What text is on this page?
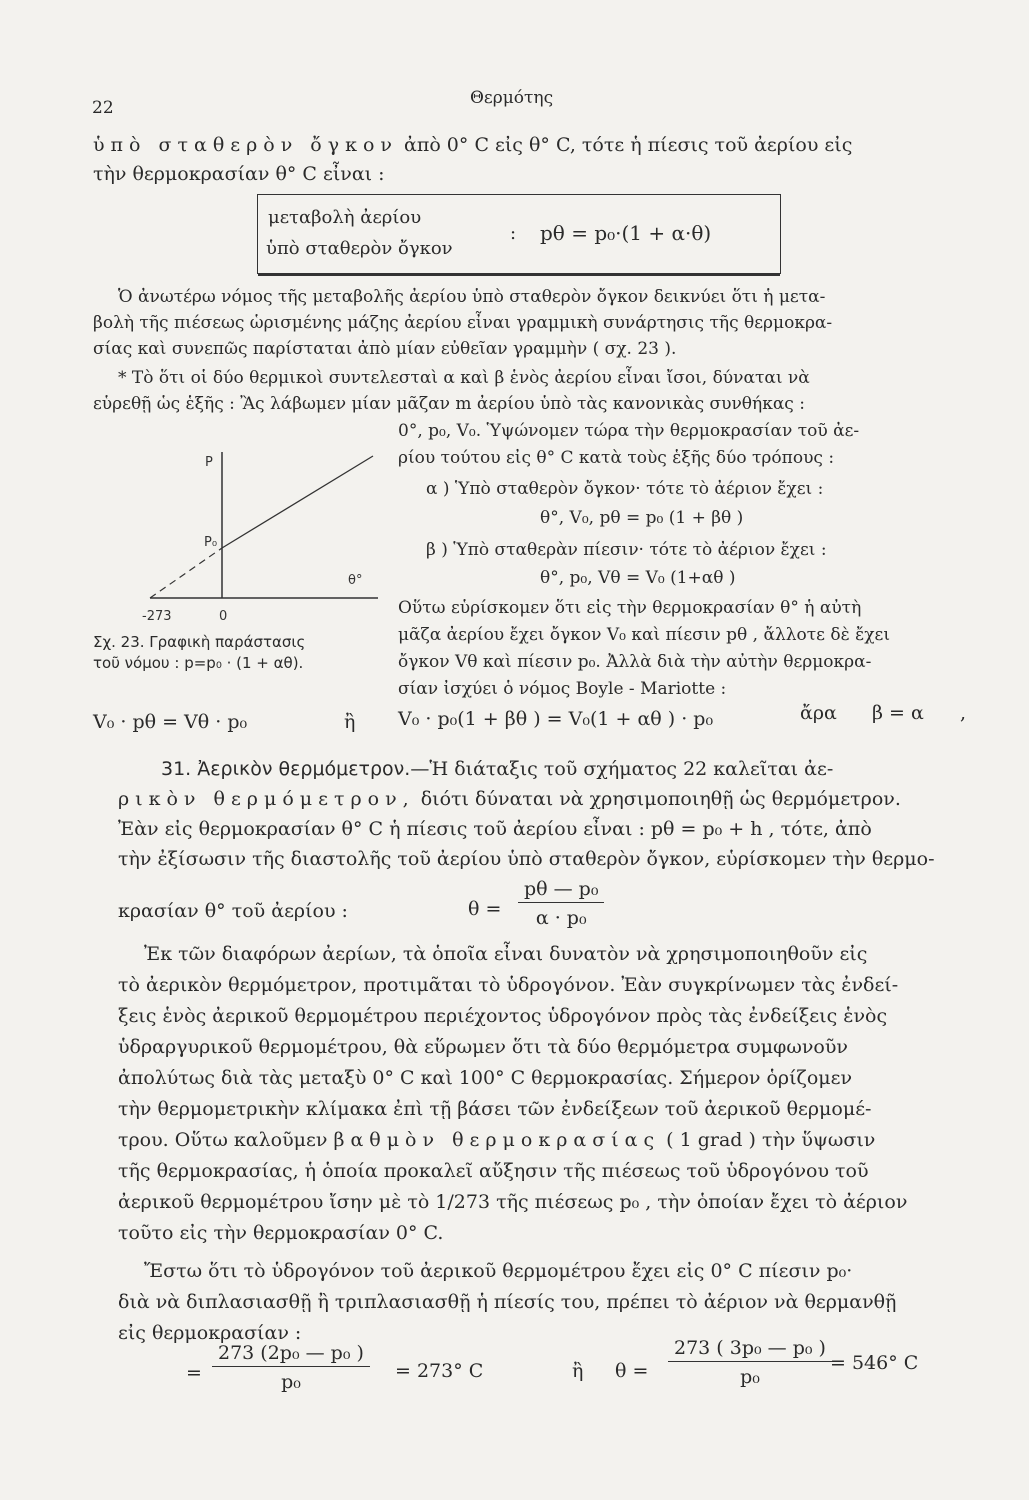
22	Θερμότης
ὑπὸ σταθερὸν ὄγκον ἀπὸ 0° C εἰς θ° C, τότε ἡ πίεσις τοῦ ἀερίου εἰς
τὴν θερμοκρασίαν θ° C εἶναι :
μεταβολὴ ἀερίου
ὑπὸ σταθερὸν ὄγκον
: pθ = p₀·(1 + α·θ)
Ὁ ἀνωτέρω νόμος τῆς μεταβολῆς ἀερίου ὑπὸ σταθερὸν ὄγκον δεικνύει ὅτι ἡ μετα-
βολὴ τῆς πιέσεως ὡρισμένης μάζης ἀερίου εἶναι γραμμικὴ συνάρτησις τῆς θερμοκρα-
σίας καὶ συνεπῶς παρίσταται ἀπὸ μίαν εὐθεῖαν γραμμὴν ( σχ. 23 ).
* Τὸ ὅτι οἱ δύο θερμικοὶ συντελεσταὶ α καὶ β ἑνὸς ἀερίου εἶναι ἴσοι, δύναται νὰ
εὑρεθῇ ὡς ἑξῆς : Ἂς λάβωμεν μίαν μᾶζαν m ἀερίου ὑπὸ τὰς κανονικὰς συνθήκας :
0°, p₀, V₀. Ὑψώνομεν τώρα τὴν θερμοκρασίαν τοῦ ἀε-
ρίου τούτου εἰς θ° C κατὰ τοὺς ἑξῆς δύο τρόπους :
α ) Ὑπὸ σταθερὸν ὄγκον· τότε τὸ ἀέριον ἔχει :
θ°, V₀, pθ = p₀ (1 + βθ )
β ) Ὑπὸ σταθερὰν πίεσιν· τότε τὸ ἀέριον ἔχει :
θ°, p₀, Vθ = V₀ (1+αθ )
Οὕτω εὑρίσκομεν ὅτι εἰς τὴν θερμοκρασίαν θ° ἡ αὐτὴ
μᾶζα ἀερίου ἔχει ὄγκον V₀ καὶ πίεσιν pθ , ἄλλοτε δὲ ἔχει
ὄγκον Vθ καὶ πίεσιν p₀. Ἀλλὰ διὰ τὴν αὐτὴν θερμοκρα-
σίαν ἰσχύει ὁ νόμος Boyle - Mariotte :
P
P₀
θ°
-273	0
Σχ. 23. Γραφικὴ παράστασις
τοῦ νόμου : p=p₀ · (1 + αθ).
V₀ · pθ = Vθ · p₀	ἢ V₀ · p₀(1 + βθ ) = V₀(1 + αθ ) · p₀	ἄρα β = α ,
31. Ἀερικὸν θερμόμετρον.—Ἡ διάταξις τοῦ σχήματος 22 καλεῖται ἀε-
ρικὸν θερμόμετρον, διότι δύναται νὰ χρησιμοποιηθῇ ὡς θερμόμετρον.
Ἐὰν εἰς θερμοκρασίαν θ° C ἡ πίεσις τοῦ ἀερίου εἶναι : pθ = p₀ + h , τότε, ἀπὸ
τὴν ἐξίσωσιν τῆς διαστολῆς τοῦ ἀερίου ὑπὸ σταθερὸν ὄγκον, εὑρίσκομεν τὴν θερμο-
κρασίαν θ° τοῦ ἀερίου :	$\theta = \frac{\text{pθ — p₀}}{\text{α · p₀}}$
Ἐκ τῶν διαφόρων ἀερίων, τὰ ὁποῖα εἶναι δυνατὸν νὰ χρησιμοποιηθοῦν εἰς
τὸ ἀερικὸν θερμόμετρον, προτιμᾶται τὸ ὑδρογόνον. Ἐὰν συγκρίνωμεν τὰς ἐνδεί-
ξεις ἑνὸς ἀερικοῦ θερμομέτρου περιέχοντος ὑδρογόνον πρὸς τὰς ἐνδείξεις ἑνὸς
ὑδραργυρικοῦ θερμομέτρου, θὰ εὕρωμεν ὅτι τὰ δύο θερμόμετρα συμφωνοῦν
ἀπολύτως διὰ τὰς μεταξὺ 0° C καὶ 100° C θερμοκρασίας. Σήμερον ὁρίζομεν
τὴν θερμομετρικὴν κλίμακα ἐπὶ τῇ βάσει τῶν ἐνδείξεων τοῦ ἀερικοῦ θερμομέ-
τρου. Οὕτω καλοῦμεν βαθμὸν θερμοκρασίας ( 1 grad ) τὴν ὕψωσιν
τῆς θερμοκρασίας, ἡ ὁποία προκαλεῖ αὔξησιν τῆς πιέσεως τοῦ ὑδρογόνου τοῦ
ἀερικοῦ θερμομέτρου ἴσην μὲ τὸ 1/273 τῆς πιέσεως p₀ , τὴν ὁποίαν ἔχει τὸ ἀέριον
τοῦτο εἰς τὴν θερμοκρασίαν 0° C.
Ἔστω ὅτι τὸ ὑδρογόνον τοῦ ἀερικοῦ θερμομέτρου ἔχει εἰς 0° C πίεσιν p₀·
διὰ νὰ διπλασιασθῇ ἢ τριπλασιασθῇ ἡ πίεσίς του, πρέπει τὸ ἀέριον νὰ θερμανθῇ
εἰς θερμοκρασίαν :
= $\frac{\text{273 (2p₀ — p₀ )}}{\text{p₀}} = 273^\circ$ C	ἢ $\theta = \frac{\text{273 ( 3p₀ — p₀ )}}{\text{p₀}}$
= 546° C
